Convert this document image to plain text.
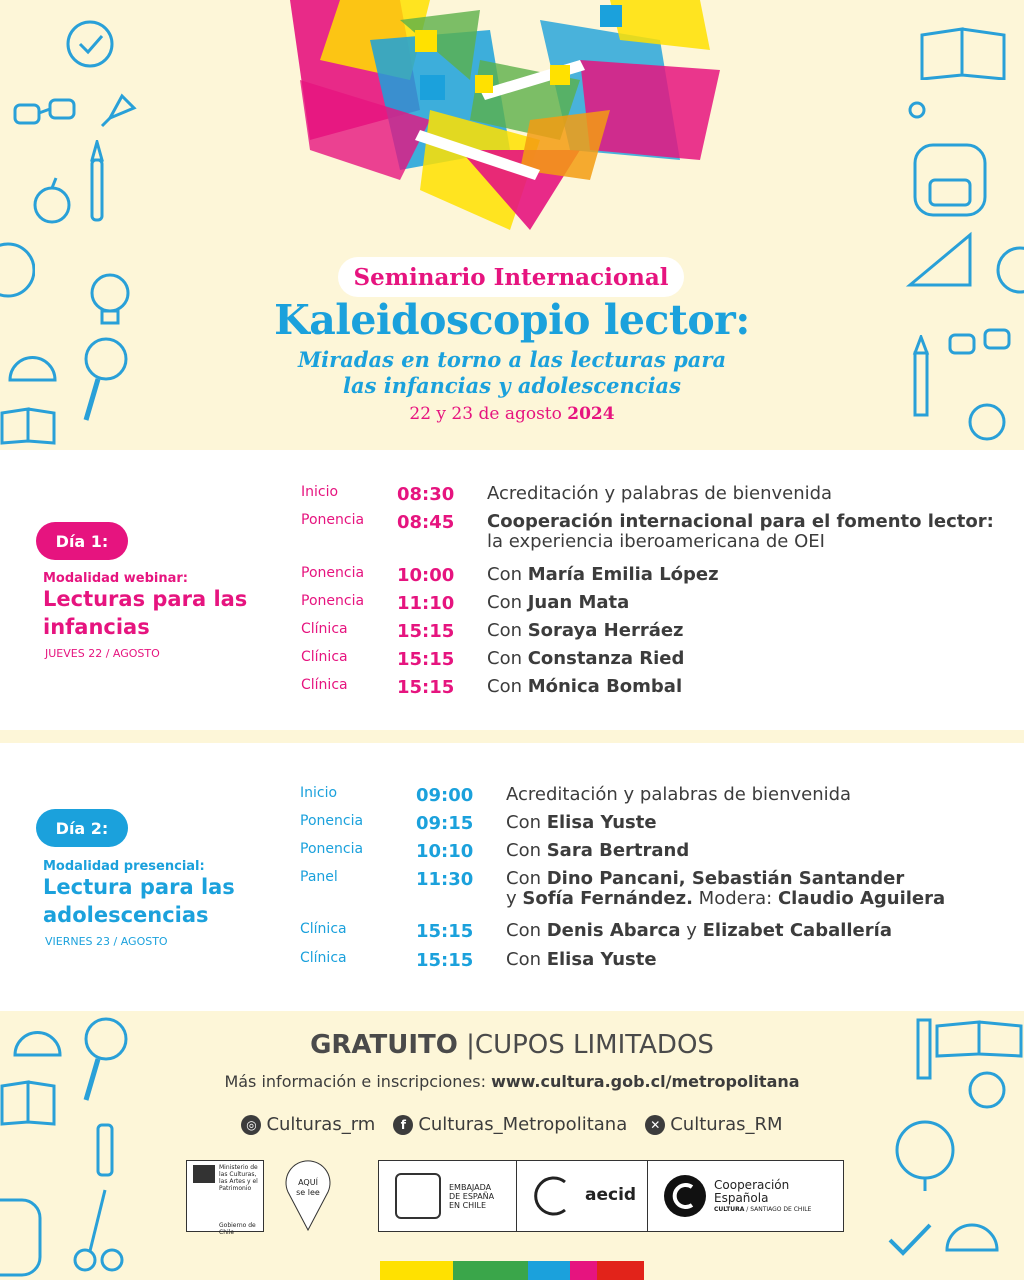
Seminario Internacional
Kaleidoscopio lector:
Miradas en torno a las lecturas para
las infancias y adolescencias
22 y 23 de agosto 2024
Día 1:
Modalidad webinar:
Lecturas para las
infancias
JUEVES 22 / AGOSTO
Inicio	08:30	Acreditación y palabras de bienvenida
Ponencia	08:45	Cooperación internacional para el fomento lector:
la experiencia iberoamericana de OEI
Ponencia	10:00	Con María Emilia López
Ponencia	11:10	Con Juan Mata
Clínica	15:15	Con Soraya Herráez
Clínica	15:15	Con Constanza Ried
Clínica	15:15	Con Mónica Bombal
Día 2:
Modalidad presencial:
Lectura para las
adolescencias
VIERNES 23 / AGOSTO
Inicio	09:00	Acreditación y palabras de bienvenida
Ponencia	09:15	Con Elisa Yuste
Ponencia	10:10	Con Sara Bertrand
Panel	11:30	Con Dino Pancani, Sebastián Santander
y Sofía Fernández. Modera: Claudio Aguilera
Clínica	15:15	Con Denis Abarca y Elizabet Caballería
Clínica	15:15	Con Elisa Yuste
GRATUITO |CUPOS LIMITADOS
Más información e inscripciones: www.cultura.gob.cl/metropolitana
◎ Culturas_rm	f Culturas_Metropolitana	✕ Culturas_RM
Ministerio de
las Culturas,
las Artes y el
Patrimonio
Gobierno de Chile
AQUÍ
se lee
EMBAJADA
DE ESPAÑA
EN CHILE
aecid	Cooperación
Española
CULTURA / SANTIAGO DE CHILE
